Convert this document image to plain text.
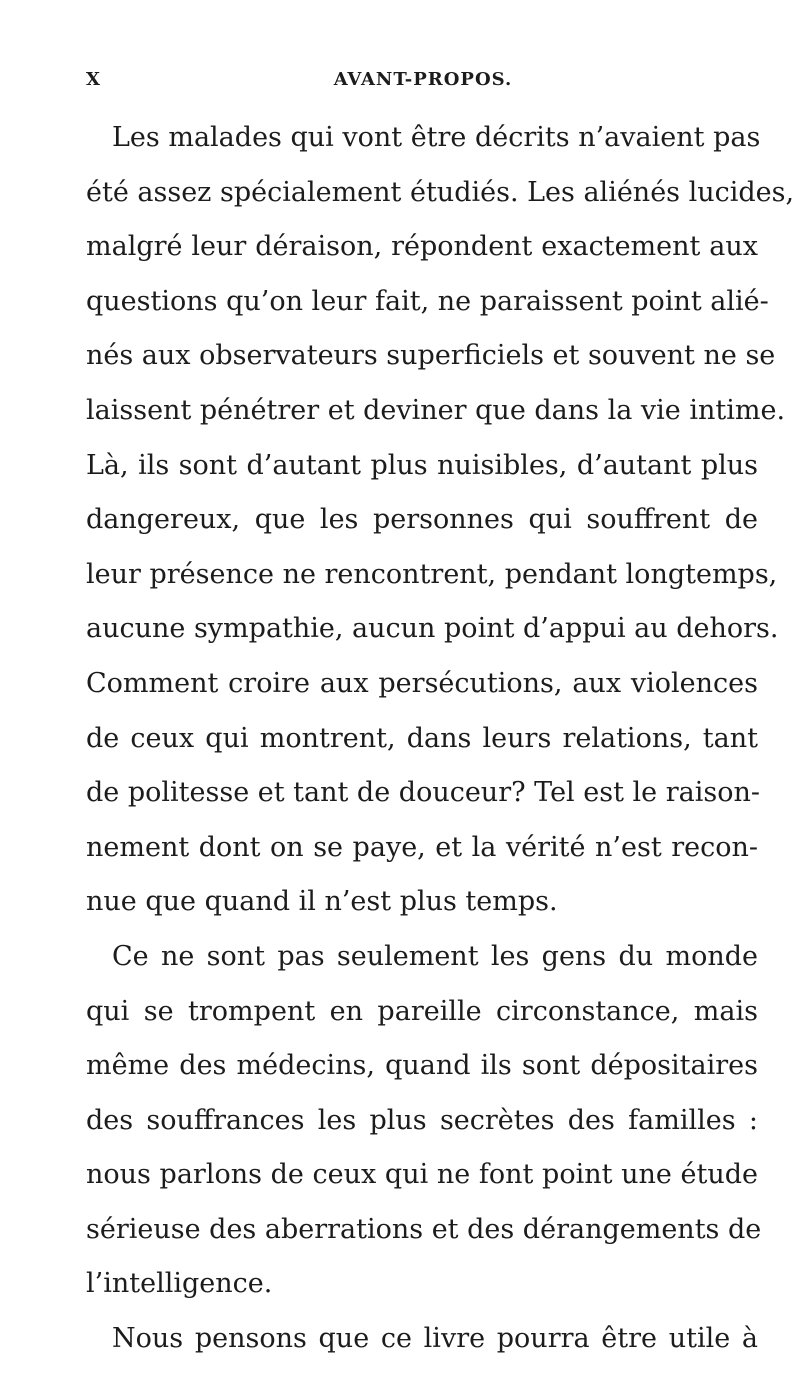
X	AVANT-PROPOS.
Les malades qui vont être décrits n’avaient pas
été assez spécialement étudiés. Les aliénés lucides,
malgré leur déraison, répondent exactement aux
questions qu’on leur fait, ne paraissent point alié-
nés aux observateurs superficiels et souvent ne se
laissent pénétrer et deviner que dans la vie intime.
Là, ils sont d’autant plus nuisibles, d’autant plus
dangereux, que les personnes qui souffrent de
leur présence ne rencontrent, pendant longtemps,
aucune sympathie, aucun point d’appui au dehors.
Comment croire aux persécutions, aux violences
de ceux qui montrent, dans leurs relations, tant
de politesse et tant de douceur? Tel est le raison-
nement dont on se paye, et la vérité n’est recon-
nue que quand il n’est plus temps.
Ce ne sont pas seulement les gens du monde
qui se trompent en pareille circonstance, mais
même des médecins, quand ils sont dépositaires
des souffrances les plus secrètes des familles :
nous parlons de ceux qui ne font point une étude
sérieuse des aberrations et des dérangements de
l’intelligence.
Nous pensons que ce livre pourra être utile à
